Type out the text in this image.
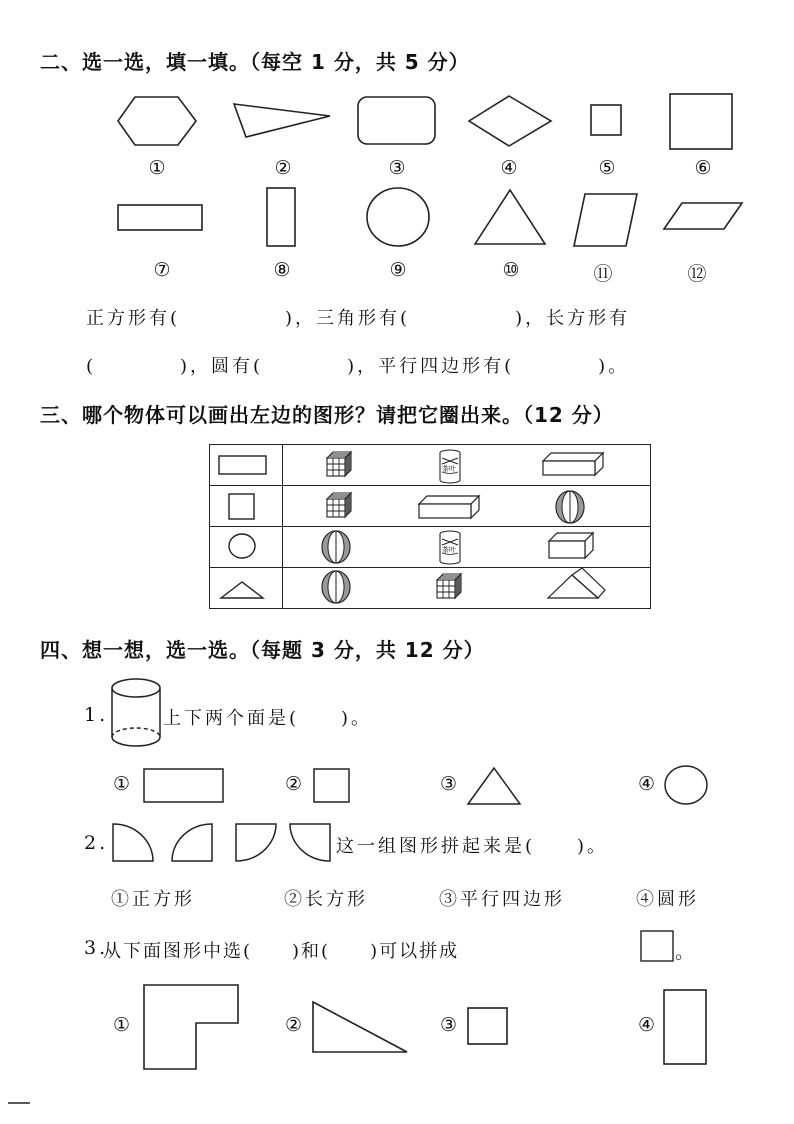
二、选一选，填一填。（每空 1 分，共 5 分）
①	②	③	④	⑤	⑥
⑦	⑧	⑨	⑩	⑪	⑫
正方形有(　　　　　)，三角形有(　　　　　)，长方形有
(　　　　)，圆有(　　　　)，平行四边形有(　　　　)。
三、哪个物体可以画出左边的图形？请把它圈出来。（12 分）
茶叶
茶叶
四、想一想，选一选。（每题 3 分，共 12 分）
1.	上下两个面是(　　)。
①	②	③	④
2.	这一组图形拼起来是(　　)。
①正方形	②长方形	③平行四边形	④圆形
3.
从下面图形中选(　　)和(　　)可以拼成	。
①	②	③	④
